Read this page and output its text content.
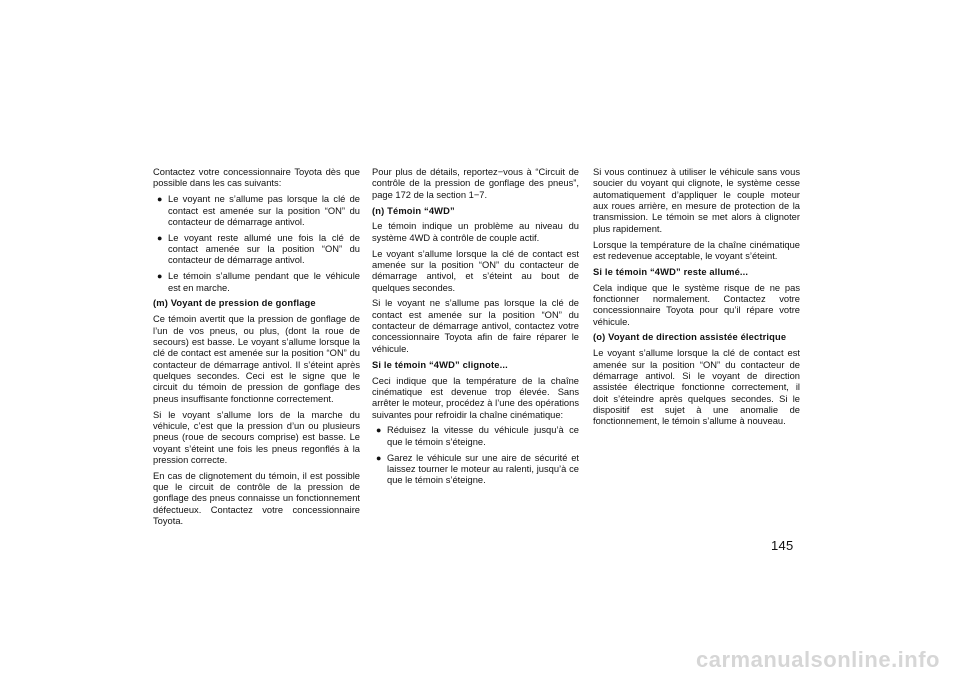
Contactez votre concessionnaire Toyota dès que possible dans les cas suivants:

● Le voyant ne s’allume pas lorsque la clé de contact est amenée sur la position “ON” du contacteur de démarrage antivol.
● Le voyant reste allumé une fois la clé de contact amenée sur la position “ON” du contacteur de démarrage antivol.
● Le témoin s’allume pendant que le véhicule est en marche.

(m) Voyant de pression de gonflage

Ce témoin avertit que la pression de gonflage de l’un de vos pneus, ou plus, (dont la roue de secours) est basse. Le voyant s’allume lorsque la clé de contact est amenée sur la position “ON” du contacteur de démarrage antivol. Il s’éteint après quelques secondes. Ceci est le signe que le circuit du témoin de pression de gonflage des pneus insuffisante fonctionne correctement.

Si le voyant s’allume lors de la marche du véhicule, c’est que la pression d’un ou plusieurs pneus (roue de secours comprise) est basse. Le voyant s’éteint une fois les pneus regonflés à la pression correcte.

En cas de clignotement du témoin, il est possible que le circuit de contrôle de la pression de gonflage des pneus connaisse un fonctionnement défectueux. Contactez votre concessionnaire Toyota.

Pour plus de détails, reportez−vous à “Circuit de contrôle de la pression de gonflage des pneus”, page 172 de la section 1−7.

(n) Témoin “4WD”

Le témoin indique un problème au niveau du système 4WD à contrôle de couple actif.

Le voyant s’allume lorsque la clé de contact est amenée sur la position “ON” du contacteur de démarrage antivol, et s’éteint au bout de quelques secondes.

Si le voyant ne s’allume pas lorsque la clé de contact est amenée sur la position “ON” du contacteur de démarrage antivol, contactez votre concessionnaire Toyota afin de faire réparer le véhicule.

Si le témoin “4WD” clignote...

Ceci indique que la température de la chaîne cinématique est devenue trop élevée. Sans arrêter le moteur, procédez à l’une des opérations suivantes pour refroidir la chaîne cinématique:

● Réduisez la vitesse du véhicule jusqu’à ce que le témoin s’éteigne.
● Garez le véhicule sur une aire de sécurité et laissez tourner le moteur au ralenti, jusqu’à ce que le témoin s’éteigne.

Si vous continuez à utiliser le véhicule sans vous soucier du voyant qui clignote, le système cesse automatiquement d’appliquer le couple moteur aux roues arrière, en mesure de protection de la transmission. Le témoin se met alors à clignoter plus rapidement.

Lorsque la température de la chaîne cinématique est redevenue acceptable, le voyant s’éteint.

Si le témoin “4WD” reste allumé...

Cela indique que le système risque de ne pas fonctionner normalement. Contactez votre concessionnaire Toyota pour qu’il répare votre véhicule.

(o) Voyant de direction assistée électrique

Le voyant s’allume lorsque la clé de contact est amenée sur la position “ON” du contacteur de démarrage antivol. Si le voyant de direction assistée électrique fonctionne correctement, il doit s’éteindre après quelques secondes. Si le dispositif est sujet à une anomalie de fonctionnement, le témoin s’allume à nouveau.

145
carmanualsonline.info
